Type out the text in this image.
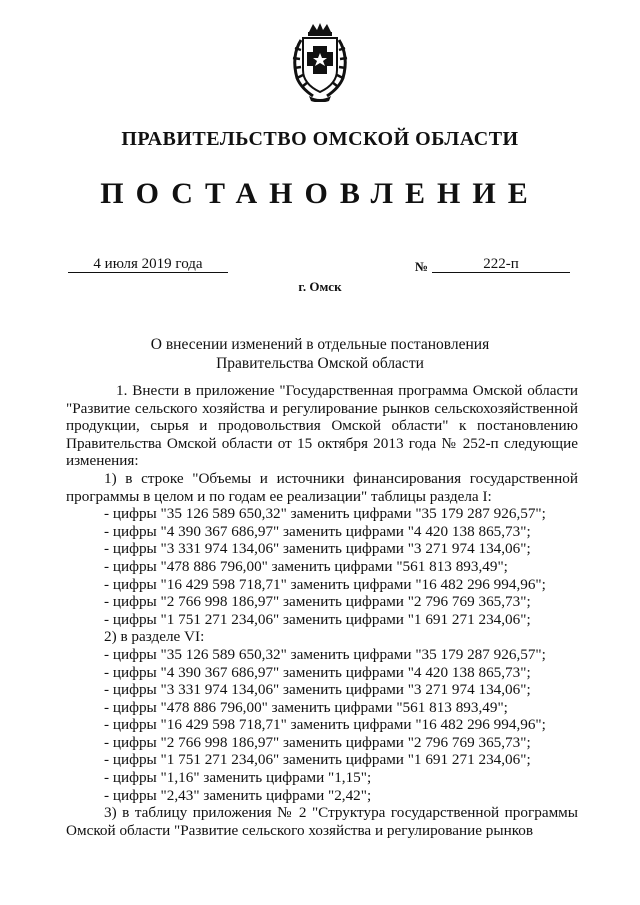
ПРАВИТЕЛЬСТВО ОМСКОЙ ОБЛАСТИ
ПОСТАНОВЛЕНИЕ
4 июля 2019 года	№	222-п
г. Омск
О внесении изменений в отдельные постановления
Правительства Омской области

1. Внести в приложение "Государственная программа Омской области "Развитие сельского хозяйства и регулирование рынков сельскохозяйственной продукции, сырья и продовольствия Омской области" к постановлению Правительства Омской области от 15 октября 2013 года № 252-п следующие изменения:

1) в строке "Объемы и источники финансирования государственной программы в целом и по годам ее реализации" таблицы раздела I:

- цифры "35 126 589 650,32" заменить цифрами "35 179 287 926,57";
- цифры "4 390 367 686,97" заменить цифрами "4 420 138 865,73";
- цифры "3 331 974 134,06" заменить цифрами "3 271 974 134,06";
- цифры "478 886 796,00" заменить цифрами "561 813 893,49";
- цифры "16 429 598 718,71" заменить цифрами "16 482 296 994,96";
- цифры "2 766 998 186,97" заменить цифрами "2 796 769 365,73";
- цифры "1 751 271 234,06" заменить цифрами "1 691 271 234,06";
2) в разделе VI:
- цифры "35 126 589 650,32" заменить цифрами "35 179 287 926,57";
- цифры "4 390 367 686,97" заменить цифрами "4 420 138 865,73";
- цифры "3 331 974 134,06" заменить цифрами "3 271 974 134,06";
- цифры "478 886 796,00" заменить цифрами "561 813 893,49";
- цифры "16 429 598 718,71" заменить цифрами "16 482 296 994,96";
- цифры "2 766 998 186,97" заменить цифрами "2 796 769 365,73";
- цифры "1 751 271 234,06" заменить цифрами "1 691 271 234,06";
- цифры "1,16" заменить цифрами "1,15";
- цифры "2,43" заменить цифрами "2,42";

3) в таблицу приложения № 2 "Структура государственной программы Омской области "Развитие сельского хозяйства и регулирование рынков
